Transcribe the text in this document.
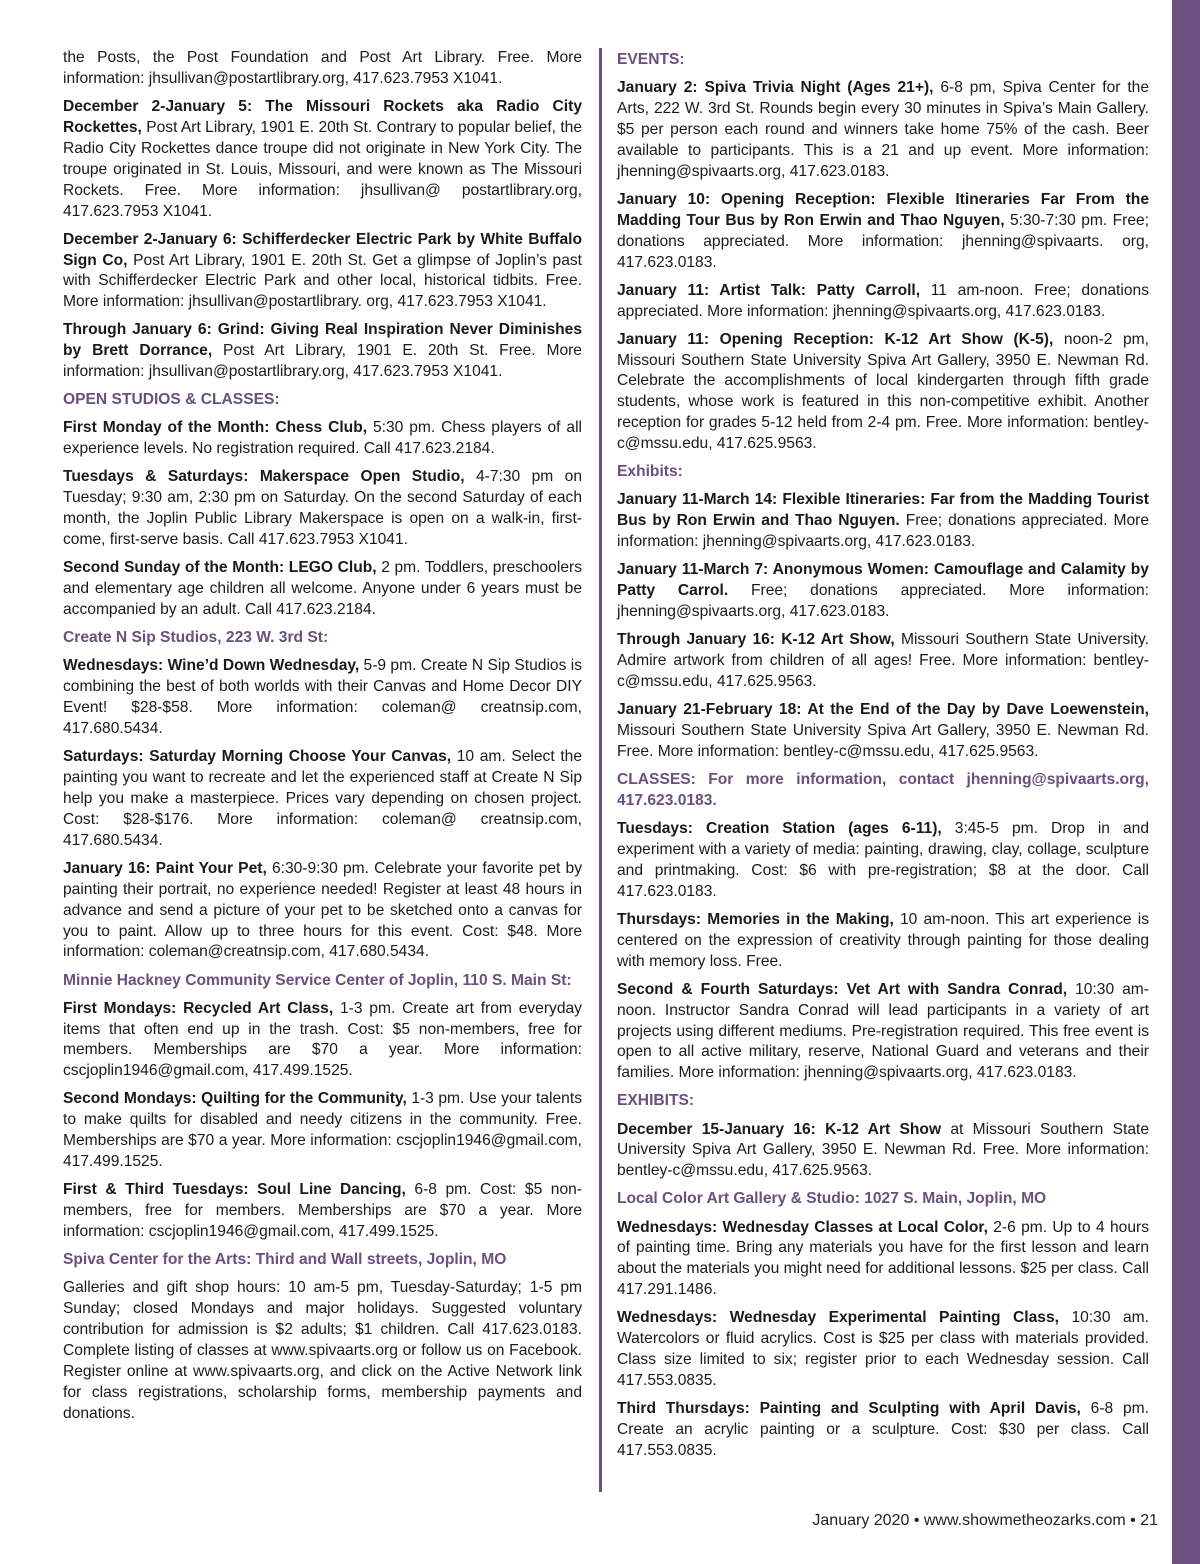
the Posts, the Post Foundation and Post Art Library. Free. More information: jhsullivan@postartlibrary.org, 417.623.7953 X1041.

December 2-January 5: The Missouri Rockets aka Radio City Rockettes, Post Art Library, 1901 E. 20th St. Contrary to popular belief, the Radio City Rockettes dance troupe did not originate in New York City. The troupe originated in St. Louis, Missouri, and were known as The Missouri Rockets. Free. More information: jhsullivan@ postartlibrary.org, 417.623.7953 X1041.

December 2-January 6: Schifferdecker Electric Park by White Buffalo Sign Co, Post Art Library, 1901 E. 20th St. Get a glimpse of Joplin’s past with Schifferdecker Electric Park and other local, historical tidbits. Free. More information: jhsullivan@postartlibrary. org, 417.623.7953 X1041.

Through January 6: Grind: Giving Real Inspiration Never Diminishes by Brett Dorrance, Post Art Library, 1901 E. 20th St. Free. More information: jhsullivan@postartlibrary.org, 417.623.7953 X1041.

OPEN STUDIOS & CLASSES:

First Monday of the Month: Chess Club, 5:30 pm. Chess players of all experience levels. No registration required. Call 417.623.2184.

Tuesdays & Saturdays: Makerspace Open Studio, 4-7:30 pm on Tuesday; 9:30 am, 2:30 pm on Saturday. On the second Saturday of each month, the Joplin Public Library Makerspace is open on a walk-in, first-come, first-serve basis. Call 417.623.7953 X1041.

Second Sunday of the Month: LEGO Club, 2 pm. Toddlers, preschoolers and elementary age children all welcome. Anyone under 6 years must be accompanied by an adult. Call 417.623.2184.

Create N Sip Studios, 223 W. 3rd St:

Wednesdays: Wine’d Down Wednesday, 5-9 pm. Create N Sip Studios is combining the best of both worlds with their Canvas and Home Decor DIY Event! $28-$58. More information: coleman@ creatnsip.com, 417.680.5434.

Saturdays: Saturday Morning Choose Your Canvas, 10 am. Select the painting you want to recreate and let the experienced staff at Create N Sip help you make a masterpiece. Prices vary depending on chosen project. Cost: $28-$176. More information: coleman@ creatnsip.com, 417.680.5434.

January 16: Paint Your Pet, 6:30-9:30 pm. Celebrate your favorite pet by painting their portrait, no experience needed! Register at least 48 hours in advance and send a picture of your pet to be sketched onto a canvas for you to paint. Allow up to three hours for this event. Cost: $48. More information: coleman@creatnsip.com, 417.680.5434.

Minnie Hackney Community Service Center of Joplin, 110 S. Main St:

First Mondays: Recycled Art Class, 1-3 pm. Create art from everyday items that often end up in the trash. Cost: $5 non-members, free for members. Memberships are $70 a year. More information: cscjoplin1946@gmail.com, 417.499.1525.

Second Mondays: Quilting for the Community, 1-3 pm. Use your talents to make quilts for disabled and needy citizens in the community. Free. Memberships are $70 a year. More information: cscjoplin1946@gmail.com, 417.499.1525.

First & Third Tuesdays: Soul Line Dancing, 6-8 pm. Cost: $5 non-members, free for members. Memberships are $70 a year. More information: cscjoplin1946@gmail.com, 417.499.1525.

Spiva Center for the Arts: Third and Wall streets, Joplin, MO

Galleries and gift shop hours: 10 am-5 pm, Tuesday-Saturday; 1-5 pm Sunday; closed Mondays and major holidays. Suggested voluntary contribution for admission is $2 adults; $1 children. Call 417.623.0183. Complete listing of classes at www.spivaarts.org or follow us on Facebook. Register online at www.spivaarts.org, and click on the Active Network link for class registrations, scholarship forms, membership payments and donations.

EVENTS:

January 2: Spiva Trivia Night (Ages 21+), 6-8 pm, Spiva Center for the Arts, 222 W. 3rd St. Rounds begin every 30 minutes in Spiva’s Main Gallery. $5 per person each round and winners take home 75% of the cash. Beer available to participants. This is a 21 and up event. More information: jhenning@spivaarts.org, 417.623.0183.

January 10: Opening Reception: Flexible Itineraries Far From the Madding Tour Bus by Ron Erwin and Thao Nguyen, 5:30-7:30 pm. Free; donations appreciated. More information: jhenning@spivaarts. org, 417.623.0183.

January 11: Artist Talk: Patty Carroll, 11 am-noon. Free; donations appreciated. More information: jhenning@spivaarts.org, 417.623.0183.

January 11: Opening Reception: K-12 Art Show (K-5), noon-2 pm, Missouri Southern State University Spiva Art Gallery, 3950 E. Newman Rd. Celebrate the accomplishments of local kindergarten through fifth grade students, whose work is featured in this non-competitive exhibit. Another reception for grades 5-12 held from 2-4 pm. Free. More information: bentley-c@mssu.edu, 417.625.9563.

Exhibits:

January 11-March 14: Flexible Itineraries: Far from the Madding Tourist Bus by Ron Erwin and Thao Nguyen. Free; donations appreciated. More information: jhenning@spivaarts.org, 417.623.0183.

January 11-March 7: Anonymous Women: Camouflage and Calamity by Patty Carrol. Free; donations appreciated. More information: jhenning@spivaarts.org, 417.623.0183.

Through January 16: K-12 Art Show, Missouri Southern State University. Admire artwork from children of all ages! Free. More information: bentley-c@mssu.edu, 417.625.9563.

January 21-February 18: At the End of the Day by Dave Loewenstein, Missouri Southern State University Spiva Art Gallery, 3950 E. Newman Rd. Free. More information: bentley-c@mssu.edu, 417.625.9563.

CLASSES: For more information, contact jhenning@spivaarts.org, 417.623.0183.

Tuesdays: Creation Station (ages 6-11), 3:45-5 pm. Drop in and experiment with a variety of media: painting, drawing, clay, collage, sculpture and printmaking. Cost: $6 with pre-registration; $8 at the door. Call 417.623.0183.

Thursdays: Memories in the Making, 10 am-noon. This art experience is centered on the expression of creativity through painting for those dealing with memory loss. Free.

Second & Fourth Saturdays: Vet Art with Sandra Conrad, 10:30 am-noon. Instructor Sandra Conrad will lead participants in a variety of art projects using different mediums. Pre-registration required. This free event is open to all active military, reserve, National Guard and veterans and their families. More information: jhenning@spivaarts.org, 417.623.0183.

EXHIBITS:

December 15-January 16: K-12 Art Show at Missouri Southern State University Spiva Art Gallery, 3950 E. Newman Rd. Free. More information: bentley-c@mssu.edu, 417.625.9563.

Local Color Art Gallery & Studio: 1027 S. Main, Joplin, MO

Wednesdays: Wednesday Classes at Local Color, 2-6 pm. Up to 4 hours of painting time. Bring any materials you have for the first lesson and learn about the materials you might need for additional lessons. $25 per class. Call 417.291.1486.

Wednesdays: Wednesday Experimental Painting Class, 10:30 am. Watercolors or fluid acrylics. Cost is $25 per class with materials provided. Class size limited to six; register prior to each Wednesday session. Call 417.553.0835.

Third Thursdays: Painting and Sculpting with April Davis, 6-8 pm. Create an acrylic painting or a sculpture. Cost: $30 per class. Call 417.553.0835.

January 2020 • www.showmetheozarks.com • 21
